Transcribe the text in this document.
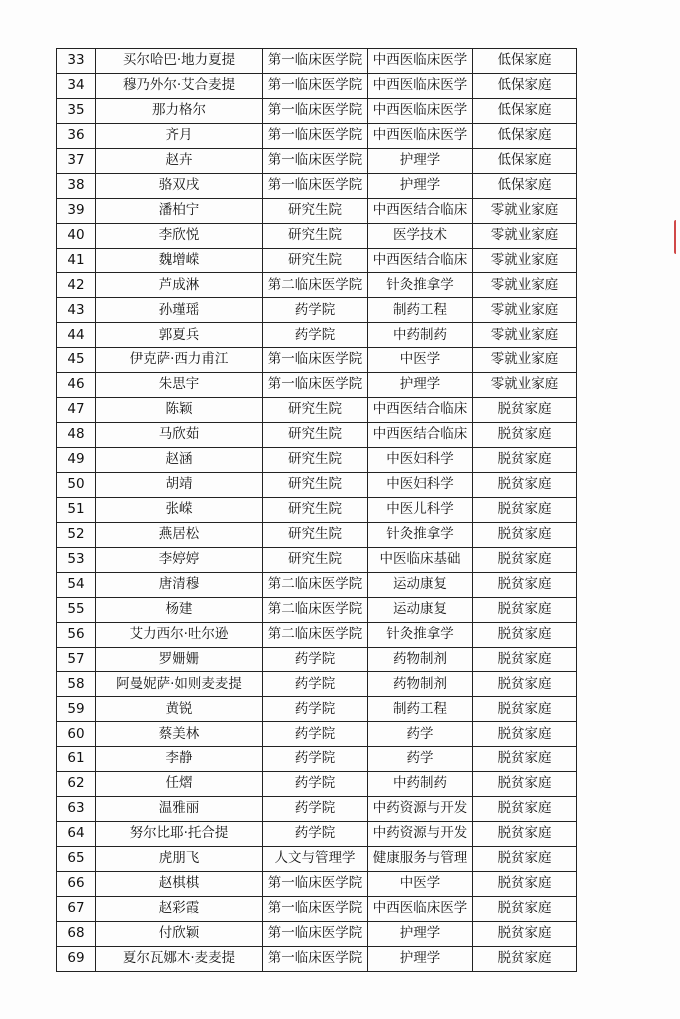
33	买尔哈巴·地力夏提	第一临床医学院	中西医临床医学	低保家庭
34	穆乃外尔·艾合麦提	第一临床医学院	中西医临床医学	低保家庭
35	那力格尔	第一临床医学院	中西医临床医学	低保家庭
36	齐月	第一临床医学院	中西医临床医学	低保家庭
37	赵卉	第一临床医学院	护理学	低保家庭
38	骆双戌	第一临床医学院	护理学	低保家庭
39	潘柏宁	研究生院	中西医结合临床	零就业家庭
40	李欣悦	研究生院	医学技术	零就业家庭
41	魏增嵘	研究生院	中西医结合临床	零就业家庭
42	芦成淋	第二临床医学院	针灸推拿学	零就业家庭
43	孙瑾瑶	药学院	制药工程	零就业家庭
44	郭夏兵	药学院	中药制药	零就业家庭
45	伊克萨·西力甫江	第一临床医学院	中医学	零就业家庭
46	朱思宇	第一临床医学院	护理学	零就业家庭
47	陈颖	研究生院	中西医结合临床	脱贫家庭
48	马欣茹	研究生院	中西医结合临床	脱贫家庭
49	赵涵	研究生院	中医妇科学	脱贫家庭
50	胡靖	研究生院	中医妇科学	脱贫家庭
51	张嵘	研究生院	中医儿科学	脱贫家庭
52	燕居松	研究生院	针灸推拿学	脱贫家庭
53	李婷婷	研究生院	中医临床基础	脱贫家庭
54	唐清穆	第二临床医学院	运动康复	脱贫家庭
55	杨建	第二临床医学院	运动康复	脱贫家庭
56	艾力西尔·吐尔逊	第二临床医学院	针灸推拿学	脱贫家庭
57	罗姗姗	药学院	药物制剂	脱贫家庭
58	阿曼妮萨·如则麦麦提	药学院	药物制剂	脱贫家庭
59	黄锐	药学院	制药工程	脱贫家庭
60	蔡美林	药学院	药学	脱贫家庭
61	李静	药学院	药学	脱贫家庭
62	任熠	药学院	中药制药	脱贫家庭
63	温雅丽	药学院	中药资源与开发	脱贫家庭
64	努尔比耶·托合提	药学院	中药资源与开发	脱贫家庭
65	虎朋飞	人文与管理学	健康服务与管理	脱贫家庭
66	赵棋棋	第一临床医学院	中医学	脱贫家庭
67	赵彩霞	第一临床医学院	中西医临床医学	脱贫家庭
68	付欣颖	第一临床医学院	护理学	脱贫家庭
69	夏尔瓦娜木·麦麦提	第一临床医学院	护理学	脱贫家庭
